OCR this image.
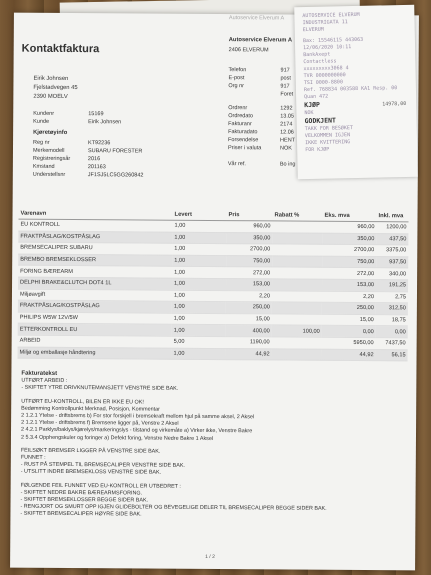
Autoservice Elverum A
Kontaktfaktura
Eirik Johnsen
Fjelstadvegen 45
2390 MOELV
Kundenr	15169
Kunde	Eirik Johnsen
Kjøretøyinfo
Reg nr	KT92236
Merkemodell	SUBARU FORESTER
Registreringsår	2016
Kmstand	201163
Understellsnr	JF1SJ5LC5GG260842
Autoservice Elverum A
2406 ELVERUM
Telefon	917
E-post	post
Org nr	917
Foret
Ordrenr	1292
Ordredato	13.05
Fakturanr	2174
Fakturadato	12.06
Forsendelse	HENT
Priser i valuta	NOK
Vår ref.	Bo ing
Varenavn	Levert	Pris	Rabatt %	Eks. mva	Inkl. mva
EU KONTROLL	1,00	960,00		960,00	1200,00
FRAKTPÅSLAG/KOSTPÅSLAG	1,00	350,00		350,00	437,50
BREMSECALIPER SUBARU	1,00	2700,00		2700,00	3375,00
BREMBO BREMSEKLOSSER	1,00	750,00		750,00	937,50
FORING BÆREARM	1,00	272,00		272,00	340,00
DELPHI BRAKE&CLUTCH DOT4 1L	1,00	153,00		153,00	191,25
Miljøavgift	1,00	2,20		2,20	2,75
FRAKTPÅSLAG/KOSTPÅSLAG	1,00	250,00		250,00	312,50
PHILIPS W5W 12V/5W	1,00	15,00		15,00	18,75
ETTERKONTROLL EU	1,00	400,00	100,00	0,00	0,00
ARBEID	5,00	1190,00		5950,00	7437,50
Miljø og emballasje håndtering	1,00	44,92		44,92	56,15
Fakturatekst
UTFØRT ARBEID :
- SKIFTET YTRE DRIVKNUTEMANSJETT VENSTRE SIDE BAK.
UTFØRT EU-KONTROLL, BILEN ER IKKE EU OK!
Bedømming Kontrollpunkt Merknad, Posisjon, Kommentar
2 1.2.1 Ytelse - driftsbrems b) For stor forskjell i bremsekraft mellom hjul på samme aksel, 2 Aksel
2 1.2.1 Ytelse - driftsbrems f) Bremsene ligger på, Venstre 2 Aksel
2 4.2.1 Parklys/baklys/kjørelys/markeringslys - tilstand og virkemåte a) Virker ikke, Venstre Bakre
2 5.3.4 Opphengskuler og foringer a) Defekt foring, Venstre Nedre Bakre 1 Aksel
FEILSØKT BREMSER LIGGER PÅ VENSTRE SIDE BAK.
FUNNET :
- RUST PÅ STEMPEL TIL BREMSECALIPER VENSTRE SIDE BAK.
- UTSLITT INDRE BREMSEKLOSS VENSTRE SIDE BAK.
FØLGENDE FEIL FUNNET VED EU-KONTROLL ER UTBEDRET :
- SKIFTET NEDRE BAKRE BÆREARMSFORING.
- SKIFTET BREMSEKLOSSER BEGGE SIDER BAK.
- RENGJORT OG SMURT OPP IGJEN GLIDEBOLTER OG BEVEGELIGE DELER TIL BREMSECALIPER BEGGE SIDER BAK.
- SKIFTET BREMSECALIPER HØYRE SIDE BAK.
1 / 2
AUTOSERVICE ELVERUM
INDUSTRIGATA 11
ELVERUM
Bax: 15546115 443063
12/06/2020 10:11
BankAxept
Contactless
xxxxxxxxx3068 4
TVR 0000000000
TSI 0000-8800
Ref. 768834 003588 KA1 Resp. 00
Quan 472
KJØP
NOK
14978,00
GODKJENT
TAKK FOR BESØKET
VELKOMMEN IGJEN
IKKE KVITTERING
FOR KJØP
